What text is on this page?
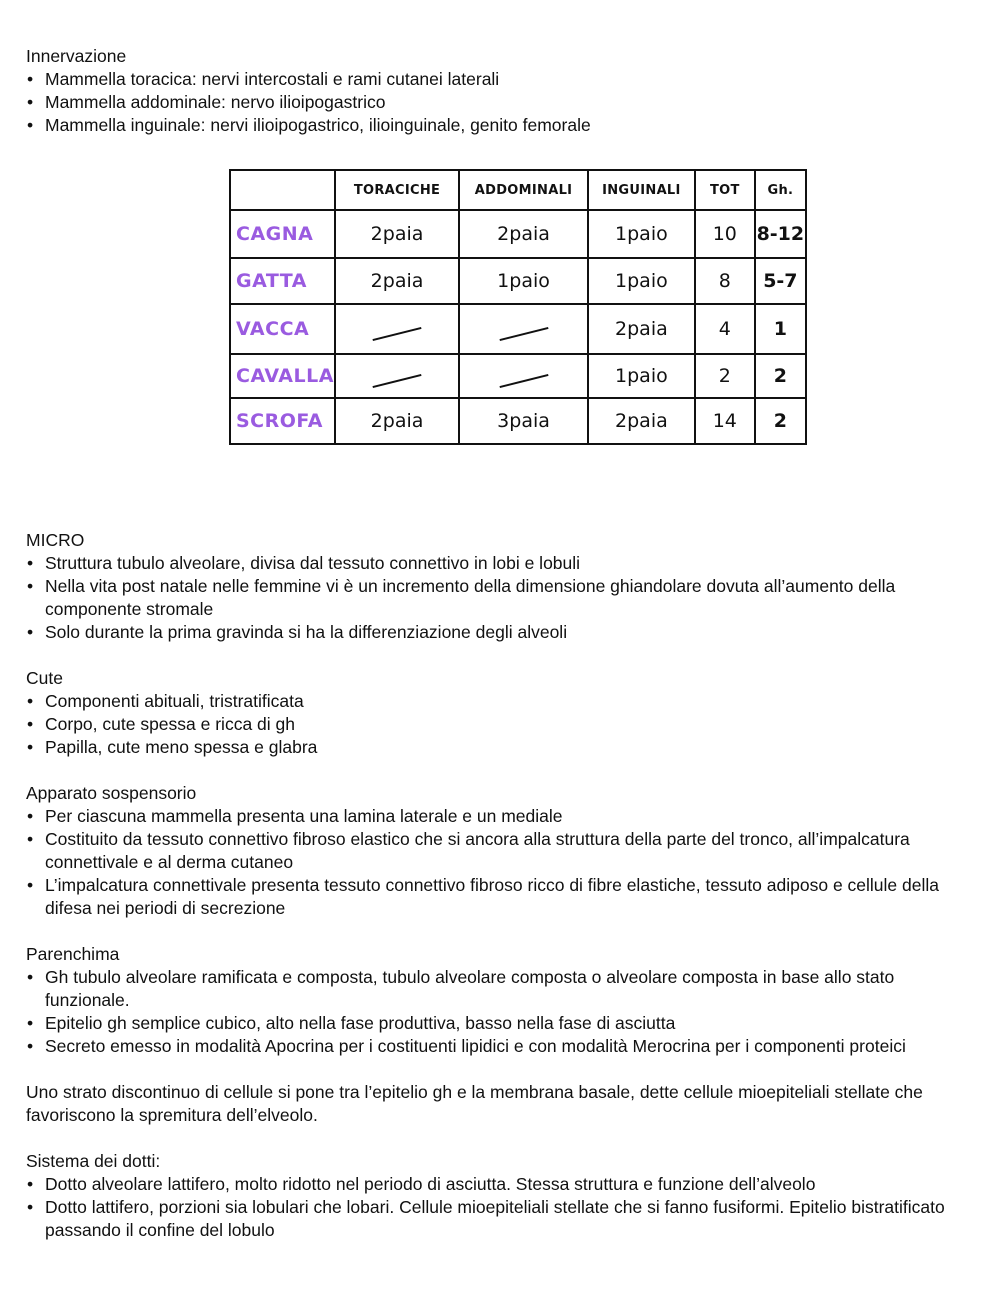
Innervazione

• Mammella toracica: nervi intercostali e rami cutanei laterali
• Mammella addominale: nervo ilioipogastrico
• Mammella inguinale: nervi ilioipogastrico, ilioinguinale, genito femorale
	TORACICHE	ADDOMINALI	INGUINALI	TOT	Gh.
CAGNA	2paia	2paia	1paio	10	8-12
GATTA	2paia	1paio	1paio	8	5-7
VACCA			2paia	4	1
CAVALLA			1paio	2	2
SCROFA	2paia	3paia	2paia	14	2

MICRO

• Struttura tubulo alveolare, divisa dal tessuto connettivo in lobi e lobuli
• Nella vita post natale nelle femmine vi è un incremento della dimensione ghiandolare dovuta all’aumento della componente stromale
• Solo durante la prima gravinda si ha la differenziazione degli alveoli

Cute

• Componenti abituali, tristratificata
• Corpo, cute spessa e ricca di gh
• Papilla, cute meno spessa e glabra

Apparato sospensorio

• Per ciascuna mammella presenta una lamina laterale e un mediale
• Costituito da tessuto connettivo fibroso elastico che si ancora alla struttura della parte del tronco, all’impalcatura connettivale e al derma cutaneo
• L’impalcatura connettivale presenta tessuto connettivo fibroso ricco di fibre elastiche, tessuto adiposo e cellule della difesa nei periodi di secrezione

Parenchima

• Gh tubulo alveolare ramificata e composta, tubulo alveolare composta o alveolare composta in base allo stato funzionale.
• Epitelio gh semplice cubico, alto nella fase produttiva, basso nella fase di asciutta
• Secreto emesso in modalità Apocrina per i costituenti lipidici e con modalità Merocrina per i componenti proteici

Uno strato discontinuo di cellule si pone tra l’epitelio gh e la membrana basale, dette cellule mioepiteliali stellate che favoriscono la spremitura dell’elveolo.

Sistema dei dotti:

• Dotto alveolare lattifero, molto ridotto nel periodo di asciutta. Stessa struttura e funzione dell’alveolo
• Dotto lattifero, porzioni sia lobulari che lobari. Cellule mioepiteliali stellate che si fanno fusiformi. Epitelio bistratificato passando il confine del lobulo
